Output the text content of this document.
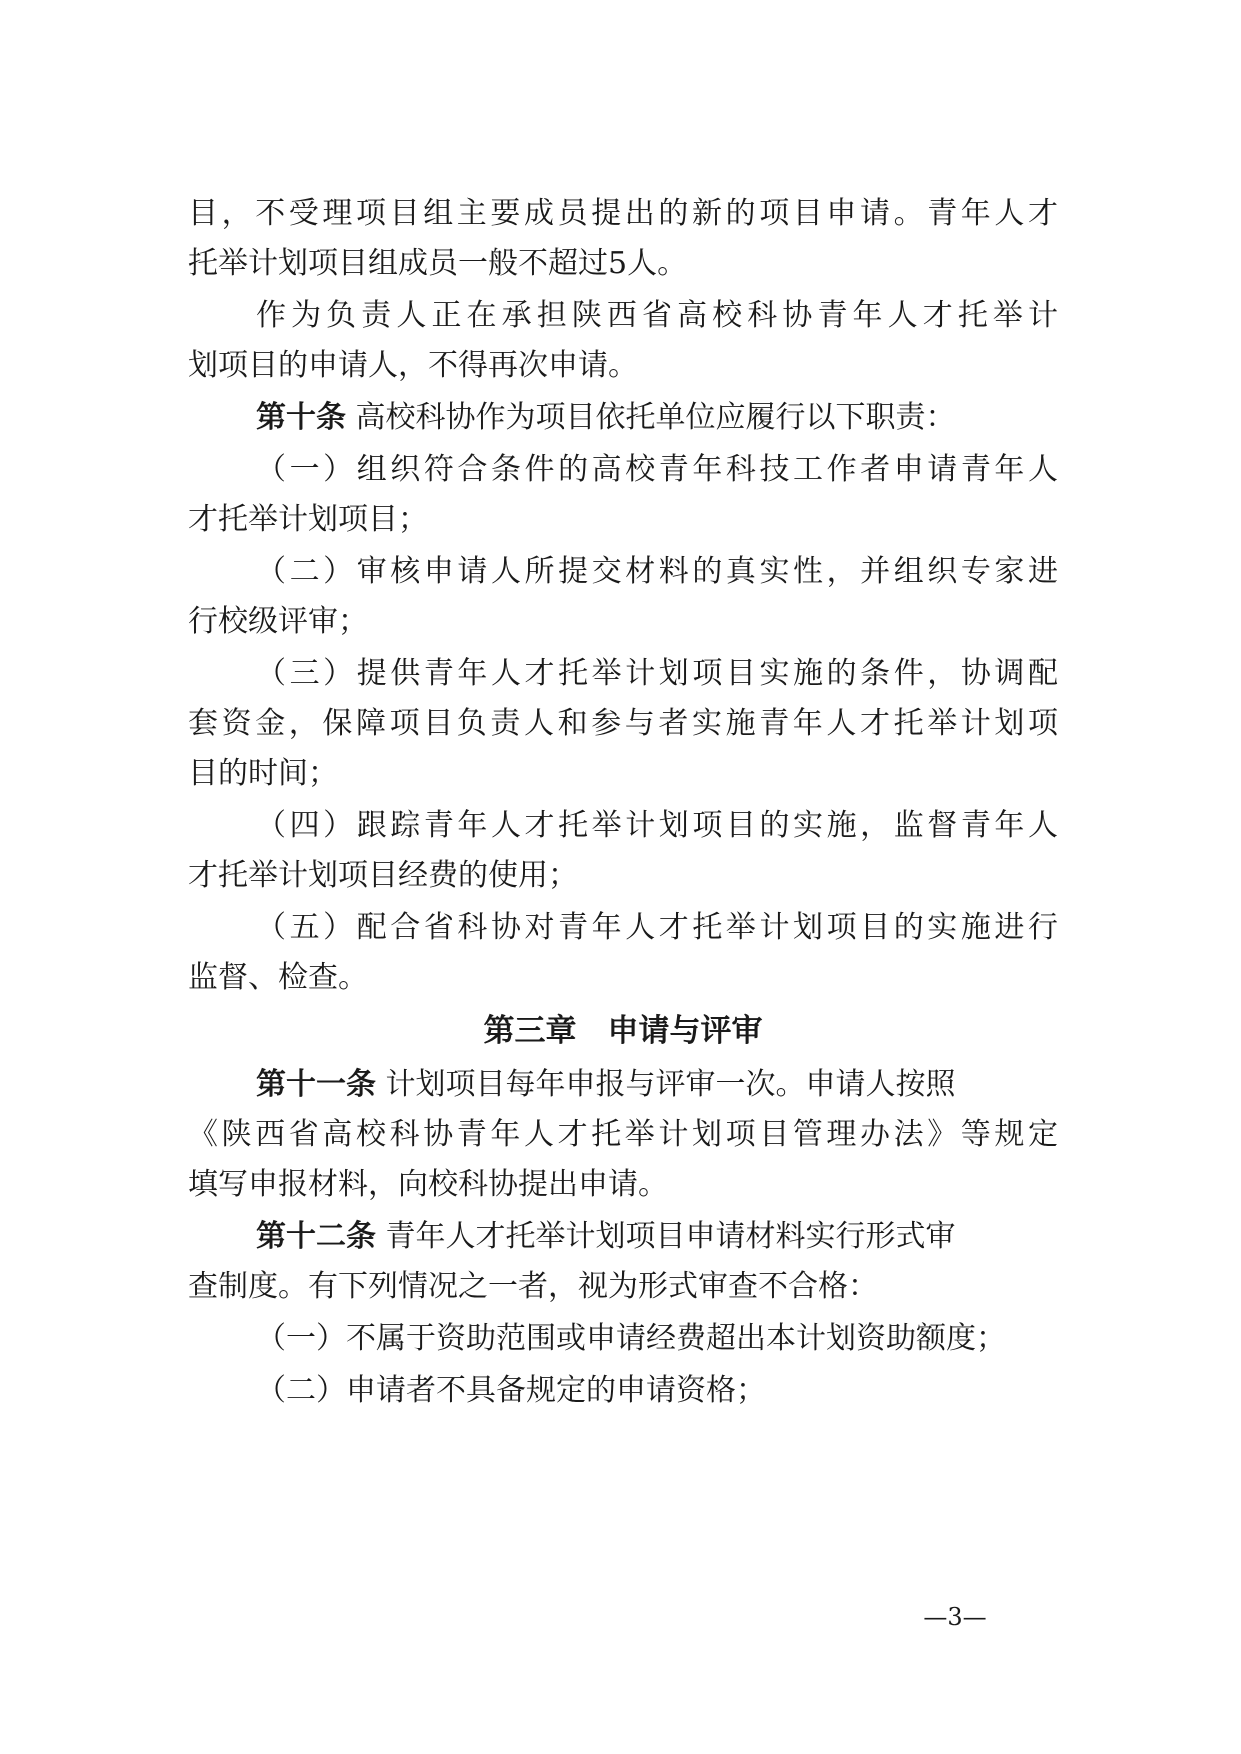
目，不受理项目组主要成员提出的新的项目申请。青年人才
托举计划项目组成员一般不超过5人。
作为负责人正在承担陕西省高校科协青年人才托举计
划项目的申请人，不得再次申请。
第十条 高校科协作为项目依托单位应履行以下职责：
（一）组织符合条件的高校青年科技工作者申请青年人
才托举计划项目；
（二）审核申请人所提交材料的真实性，并组织专家进
行校级评审；
（三）提供青年人才托举计划项目实施的条件，协调配
套资金，保障项目负责人和参与者实施青年人才托举计划项
目的时间；
（四）跟踪青年人才托举计划项目的实施，监督青年人
才托举计划项目经费的使用；
（五）配合省科协对青年人才托举计划项目的实施进行
监督、检查。
第三章　申请与评审
第十一条 计划项目每年申报与评审一次。申请人按照
《陕西省高校科协青年人才托举计划项目管理办法》等规定
填写申报材料，向校科协提出申请。
第十二条 青年人才托举计划项目申请材料实行形式审
查制度。有下列情况之一者，视为形式审查不合格：
（一）不属于资助范围或申请经费超出本计划资助额度；
（二）申请者不具备规定的申请资格；
—3—
